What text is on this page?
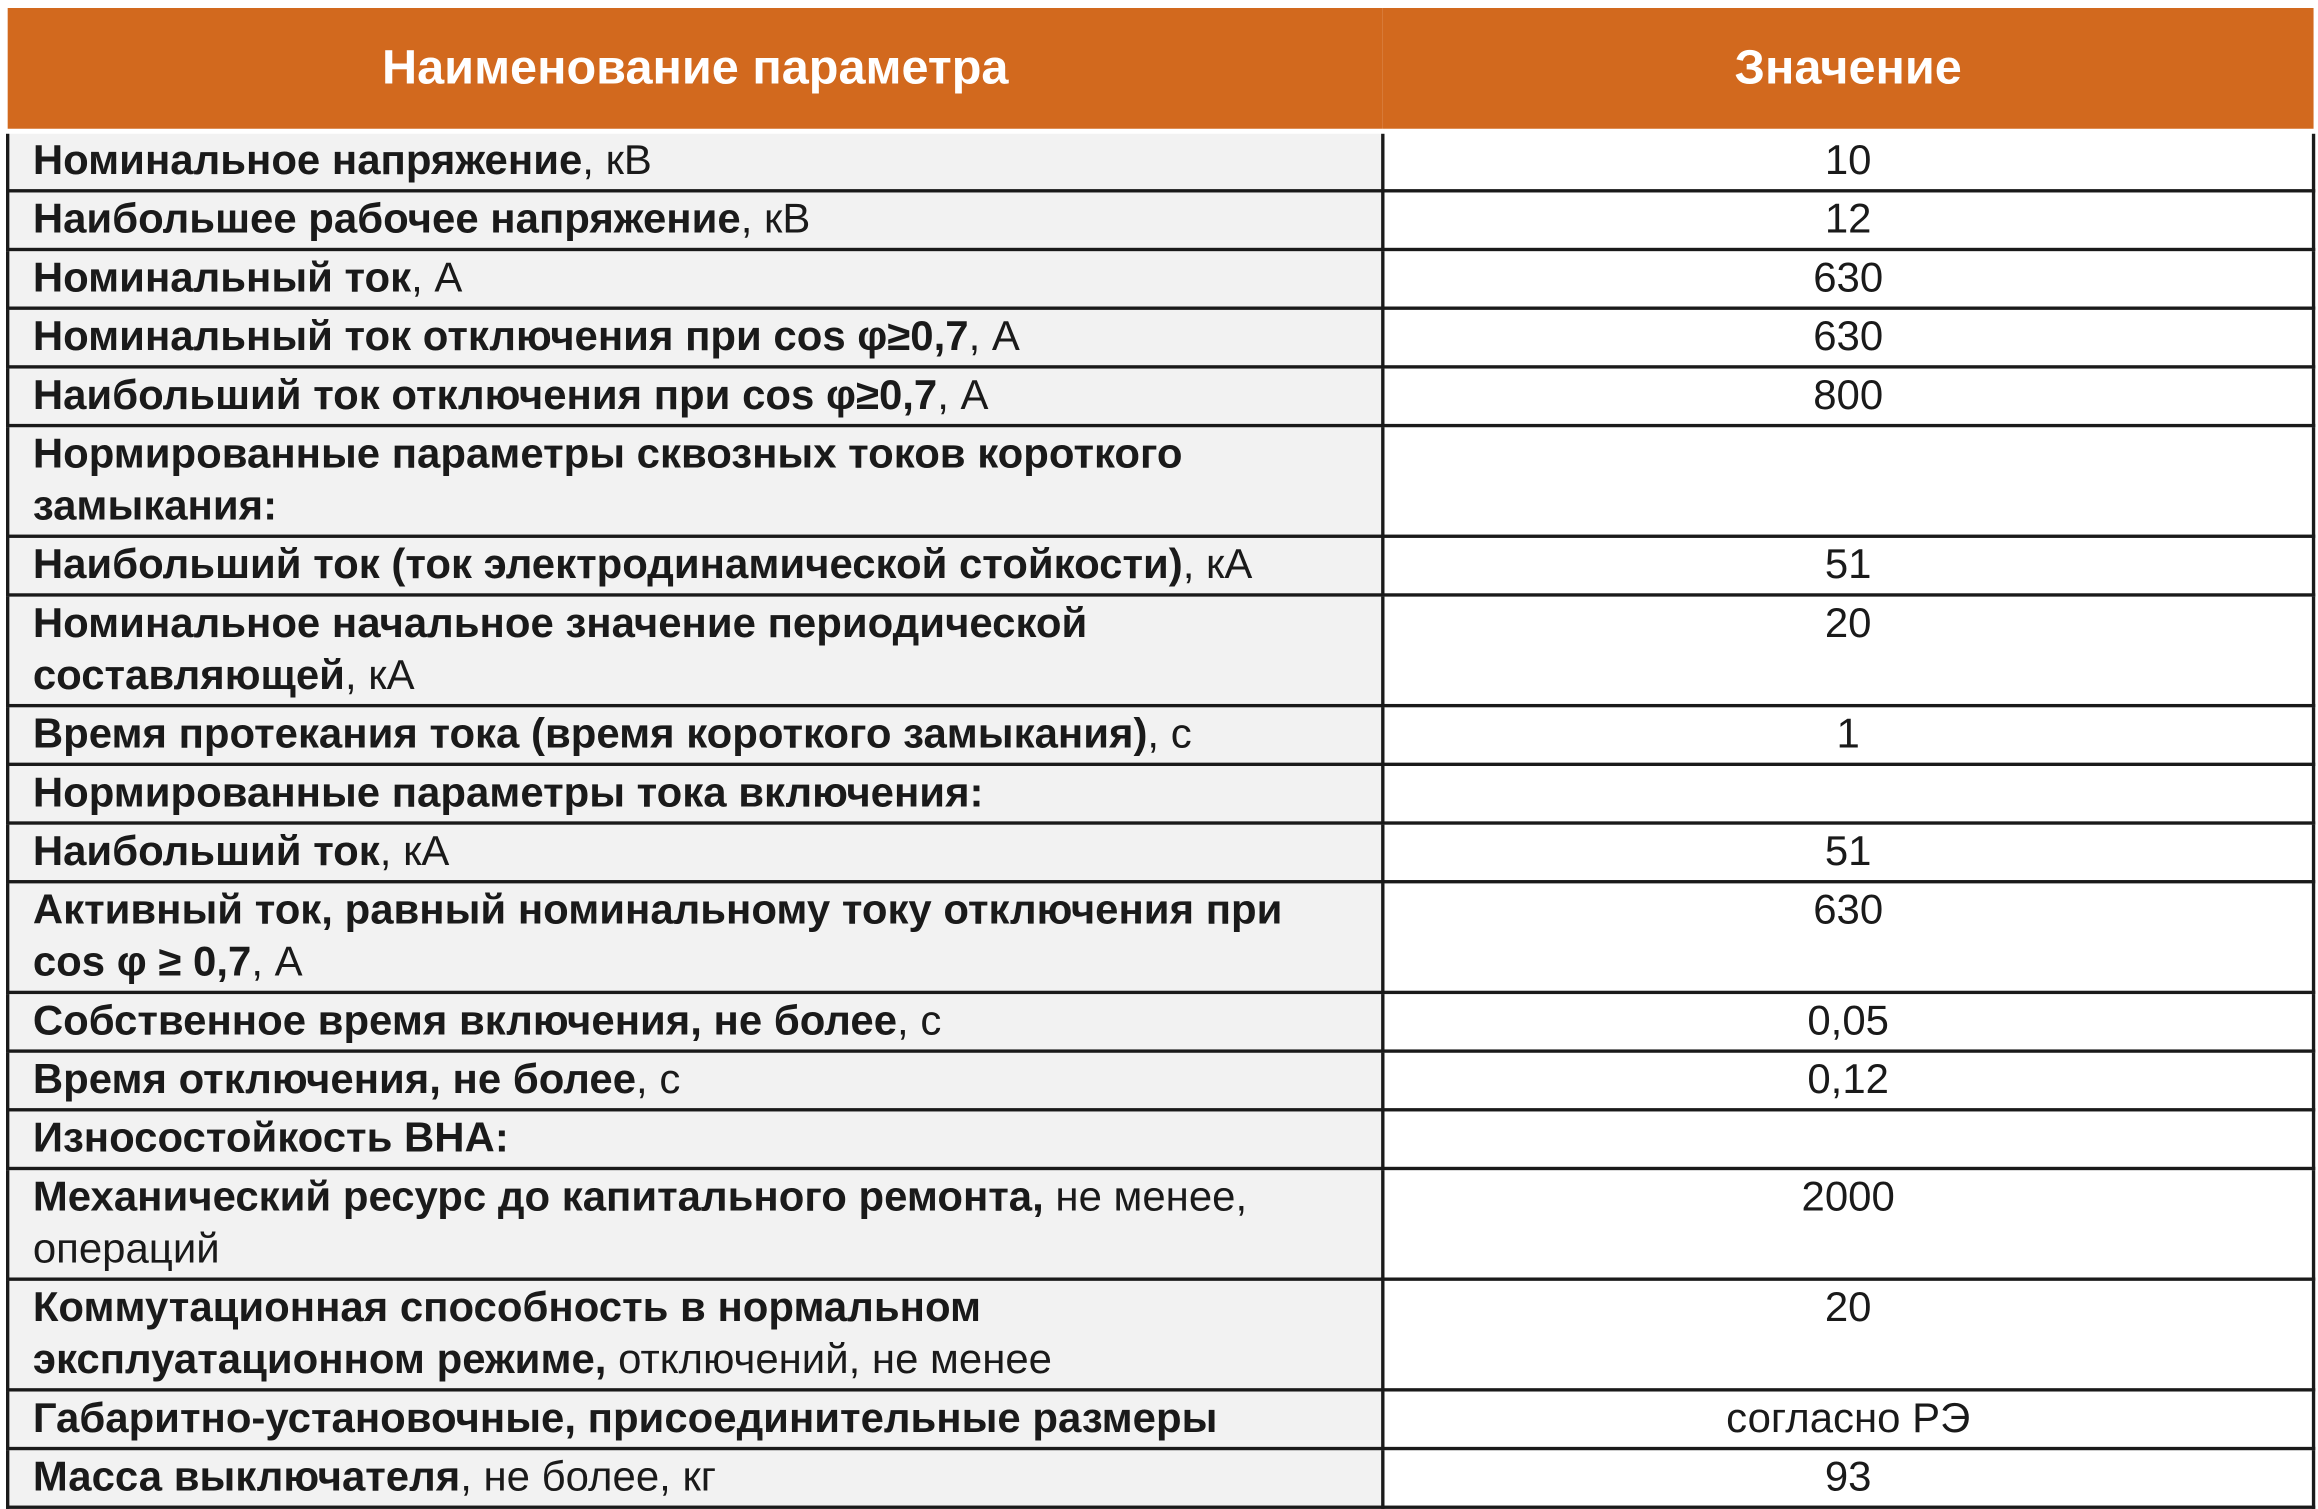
Наименование параметра	Значение
Номинальное напряжение, кВ	10
Наибольшее рабочее напряжение, кВ	12
Номинальный ток, А	630
Номинальный ток отключения при cos φ≥0,7, А	630
Наибольший ток отключения при cos φ≥0,7, А	800
Нормированные параметры сквозных токов короткого замыкания:	
Наибольший ток (ток электродинамической стойкости), кА	51
Номинальное начальное значение периодической составляющей, кА	20
Время протекания тока (время короткого замыкания), с	1
Нормированные параметры тока включения:	
Наибольший ток, кА	51
Активный ток, равный номинальному току отключения при cos φ ≥ 0,7, А	630
Собственное время включения, не более, с	0,05
Время отключения, не более, с	0,12
Износостойкость ВНА:	
Механический ресурс до капитального ремонта, не менее, операций	2000
Коммутационная способность в нормальном эксплуатационном режиме, отключений, не менее	20
Габаритно-установочные, присоединительные размеры	согласно РЭ
Масса выключателя, не более, кг	93
